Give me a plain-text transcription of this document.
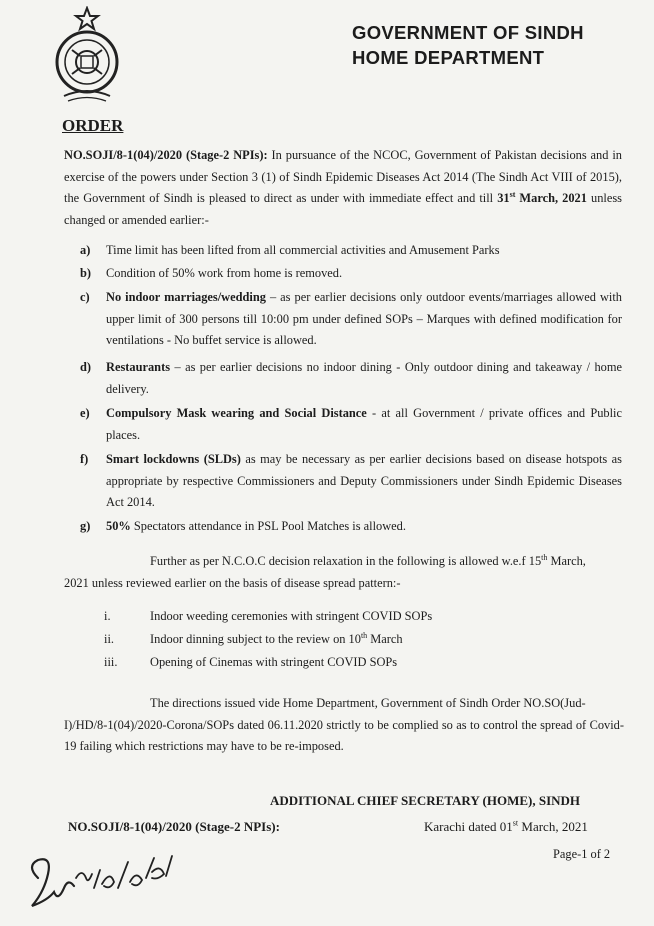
GOVERNMENT OF SINDH
HOME DEPARTMENT
ORDER
NO.SOJI/8-1(04)/2020 (Stage-2 NPIs): In pursuance of the NCOC, Government of Pakistan decisions and in exercise of the powers under Section 3 (1) of Sindh Epidemic Diseases Act 2014 (The Sindh Act VIII of 2015), the Government of Sindh is pleased to direct as under with immediate effect and till 31st March, 2021 unless changed or amended earlier:-
a)	Time limit has been lifted from all commercial activities and Amusement Parks
b)	Condition of 50% work from home is removed.
c)	No indoor marriages/wedding – as per earlier decisions only outdoor events/marriages allowed with upper limit of 300 persons till 10:00 pm under defined SOPs – Marques with defined modification for ventilations - No buffet service is allowed.
d)	Restaurants – as per earlier decisions no indoor dining - Only outdoor dining and takeaway / home delivery.
e)	Compulsory Mask wearing and Social Distance - at all Government / private offices and Public places.
f)	Smart lockdowns (SLDs) as may be necessary as per earlier decisions based on disease hotspots as appropriate by respective Commissioners and Deputy Commissioners under Sindh Epidemic Diseases Act 2014.
g)	50% Spectators attendance in PSL Pool Matches is allowed.
Further as per N.C.O.C decision relaxation in the following is allowed w.e.f 15th March,
2021 unless reviewed earlier on the basis of disease spread pattern:-
i.	Indoor weeding ceremonies with stringent COVID SOPs
ii.	Indoor dinning subject to the review on 10th March
iii.	Opening of Cinemas with stringent COVID SOPs
The directions issued vide Home Department, Government of Sindh Order NO.SO(Jud-
I)/HD/8-1(04)/2020-Corona/SOPs dated 06.11.2020 strictly to be complied so as to control the spread of Covid-19 failing which restrictions may have to be re-imposed.
ADDITIONAL CHIEF SECRETARY (HOME), SINDH
NO.SOJI/8-1(04)/2020 (Stage-2 NPIs):	Karachi dated 01st March, 2021
Page-1 of 2
